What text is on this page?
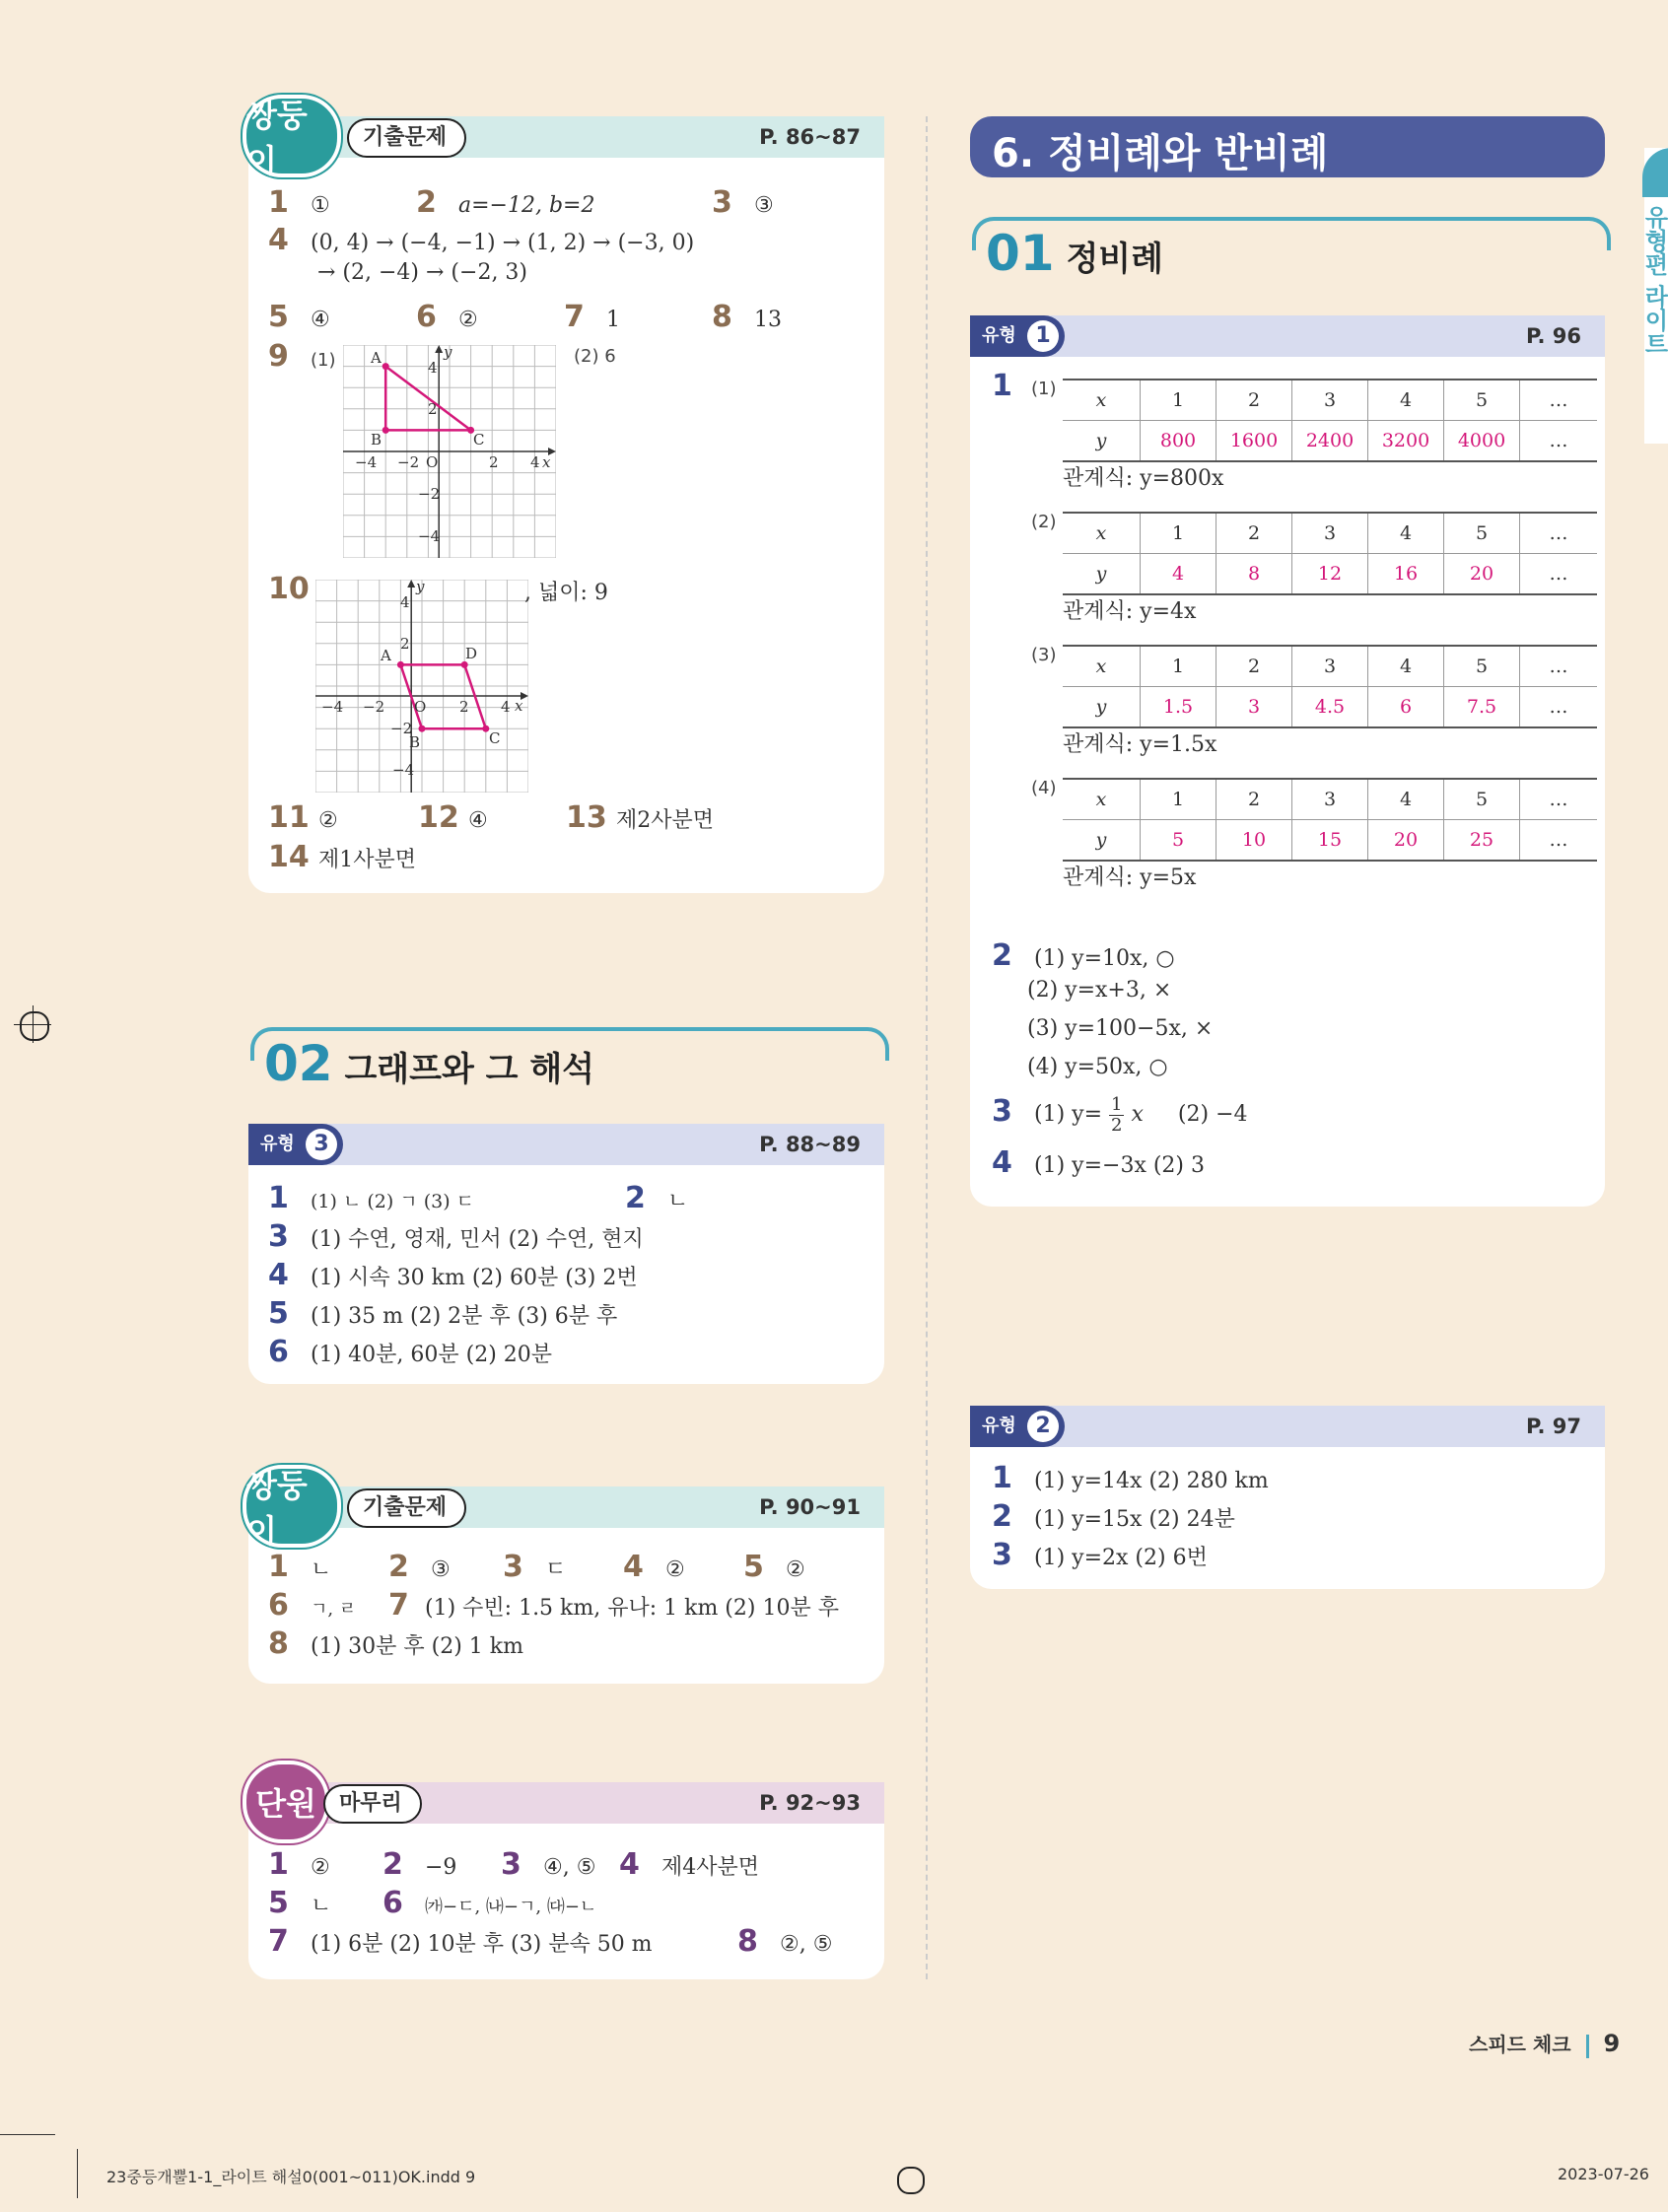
P. 86~87
쌍둥이
기출문제
1 ①	2 a=−12, b=2	3 ③
4 (0, 4) → (−4, −1) → (1, 2) → (−3, 0)
→ (2, −4) → (−2, 3)
5 ④	6 ②	7 1	8 13
9 (1)	(2) 6
A
B	C
O	x
y
−4 −2	2 4
4
2
−2
−4
10
A
B	C
D
O	x
y
−4 −2	2 4
4
2
−2
−4
, 넓이: 9
11 ②	12 ④	13 제2사분면
14 제1사분면
02 그래프와 그 해석
유형 3	P. 88~89
1 (1) ㄴ (2) ㄱ (3) ㄷ	2 ㄴ
3 (1) 수연, 영재, 민서 (2) 수연, 현지
4 (1) 시속 30 km (2) 60분 (3) 2번
5 (1) 35 m (2) 2분 후 (3) 6분 후
6 (1) 40분, 60분 (2) 20분
P. 90~91
쌍둥이
기출문제
1 ㄴ 2 ③ 3 ㄷ 4 ② 5 ②
6 ㄱ, ㄹ 7 (1) 수빈: 1.5 km, 유나: 1 km (2) 10분 후
8 (1) 30분 후 (2) 1 km
P. 92~93
단원	마무리
1 ② 2 −9 3 ④, ⑤ 4 제4사분면
5 ㄴ 6 ㈎−ㄷ, ㈏−ㄱ, ㈐−ㄴ
7 (1) 6분 (2) 10분 후 (3) 분속 50 m	8 ②, ⑤
6. 정비례와 반비례
유형편 라이트
01 정비례
유형 1	P. 96
1 (1)
x	1	2	3	4	5	…
y	800	1600	2400	3200	4000	…
관계식: y=800x
(2)
x	1	2	3	4	5	…
y	4	8	12	16	20	…
관계식: y=4x
(3)
x	1	2	3	4	5	…
y	1.5	3	4.5	6	7.5	…
관계식: y=1.5x
(4)
x	1	2	3	4	5	…
y	5	10	15	20	25	…
관계식: y=5x
2 (1) y=10x, ○
(2) y=x+3, ×
(3) y=100−5x, ×
(4) y=50x, ○
3 (1) $y= \frac{1}{2}$ x (2) −4
4 (1) y=−3x (2) 3
유형 2	P. 97
1 (1) y=14x (2) 280 km
2 (1) y=15x (2) 24분
3 (1) y=2x (2) 6번
스피드 체크 9
23중등개뿔1-1_라이트 해설0(001~011)OK.indd 9	2023-07-26
